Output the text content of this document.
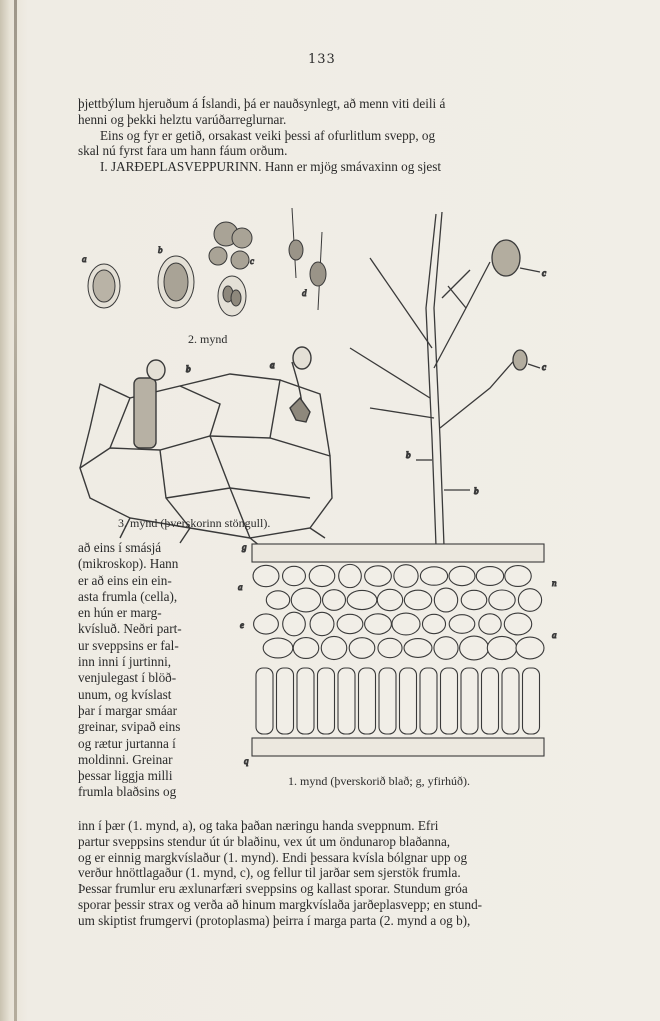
133
þjettbýlum hjeruðum á Íslandi, þá er nauðsynlegt, að menn viti deili á
henni og þekki helztu varúðarreglurnar.
Eins og fyr er getið, orsakast veiki þessi af ofurlitlum svepp, og
skal nú fyrst fara um hann fáum orðum.
I. JARÐEPLASVEPPURINN. Hann er mjög smávaxinn og sjest
a
b
c
d
b	a
c
c
b
b
g
a
e
q
n
a
2. mynd
3. mynd (þverskorinn stöngull).
1. mynd (þverskorið blað; g, yfirhúð).
að eins í smásjá
(mikroskop). Hann
er að eins ein ein-
asta frumla (cella),
en hún er marg-
kvísluð. Neðri part-
ur sveppsins er fal-
inn inni í jurtinni,
venjulegast í blöð-
unum, og kvíslast
þar í margar smáar
greinar, svipað eins
og rætur jurtanna í
moldinni. Greinar
þessar liggja milli
frumla blaðsins og
inn í þær (1. mynd, a), og taka þaðan næringu handa sveppnum. Efri
partur sveppsins stendur út úr blaðinu, vex út um öndunarop blaðanna,
og er einnig margkvíslaður (1. mynd). Endi þessara kvísla bólgnar upp og
verður hnöttlagaður (1. mynd, c), og fellur til jarðar sem sjerstök frumla.
Þessar frumlur eru æxlunarfæri sveppsins og kallast sporar. Stundum gróa
sporar þessir strax og verða að hinum margkvíslaða jarðeplasvepp; en stund-
um skiptist frumgervi (protoplasma) þeirra í marga parta (2. mynd a og b),
